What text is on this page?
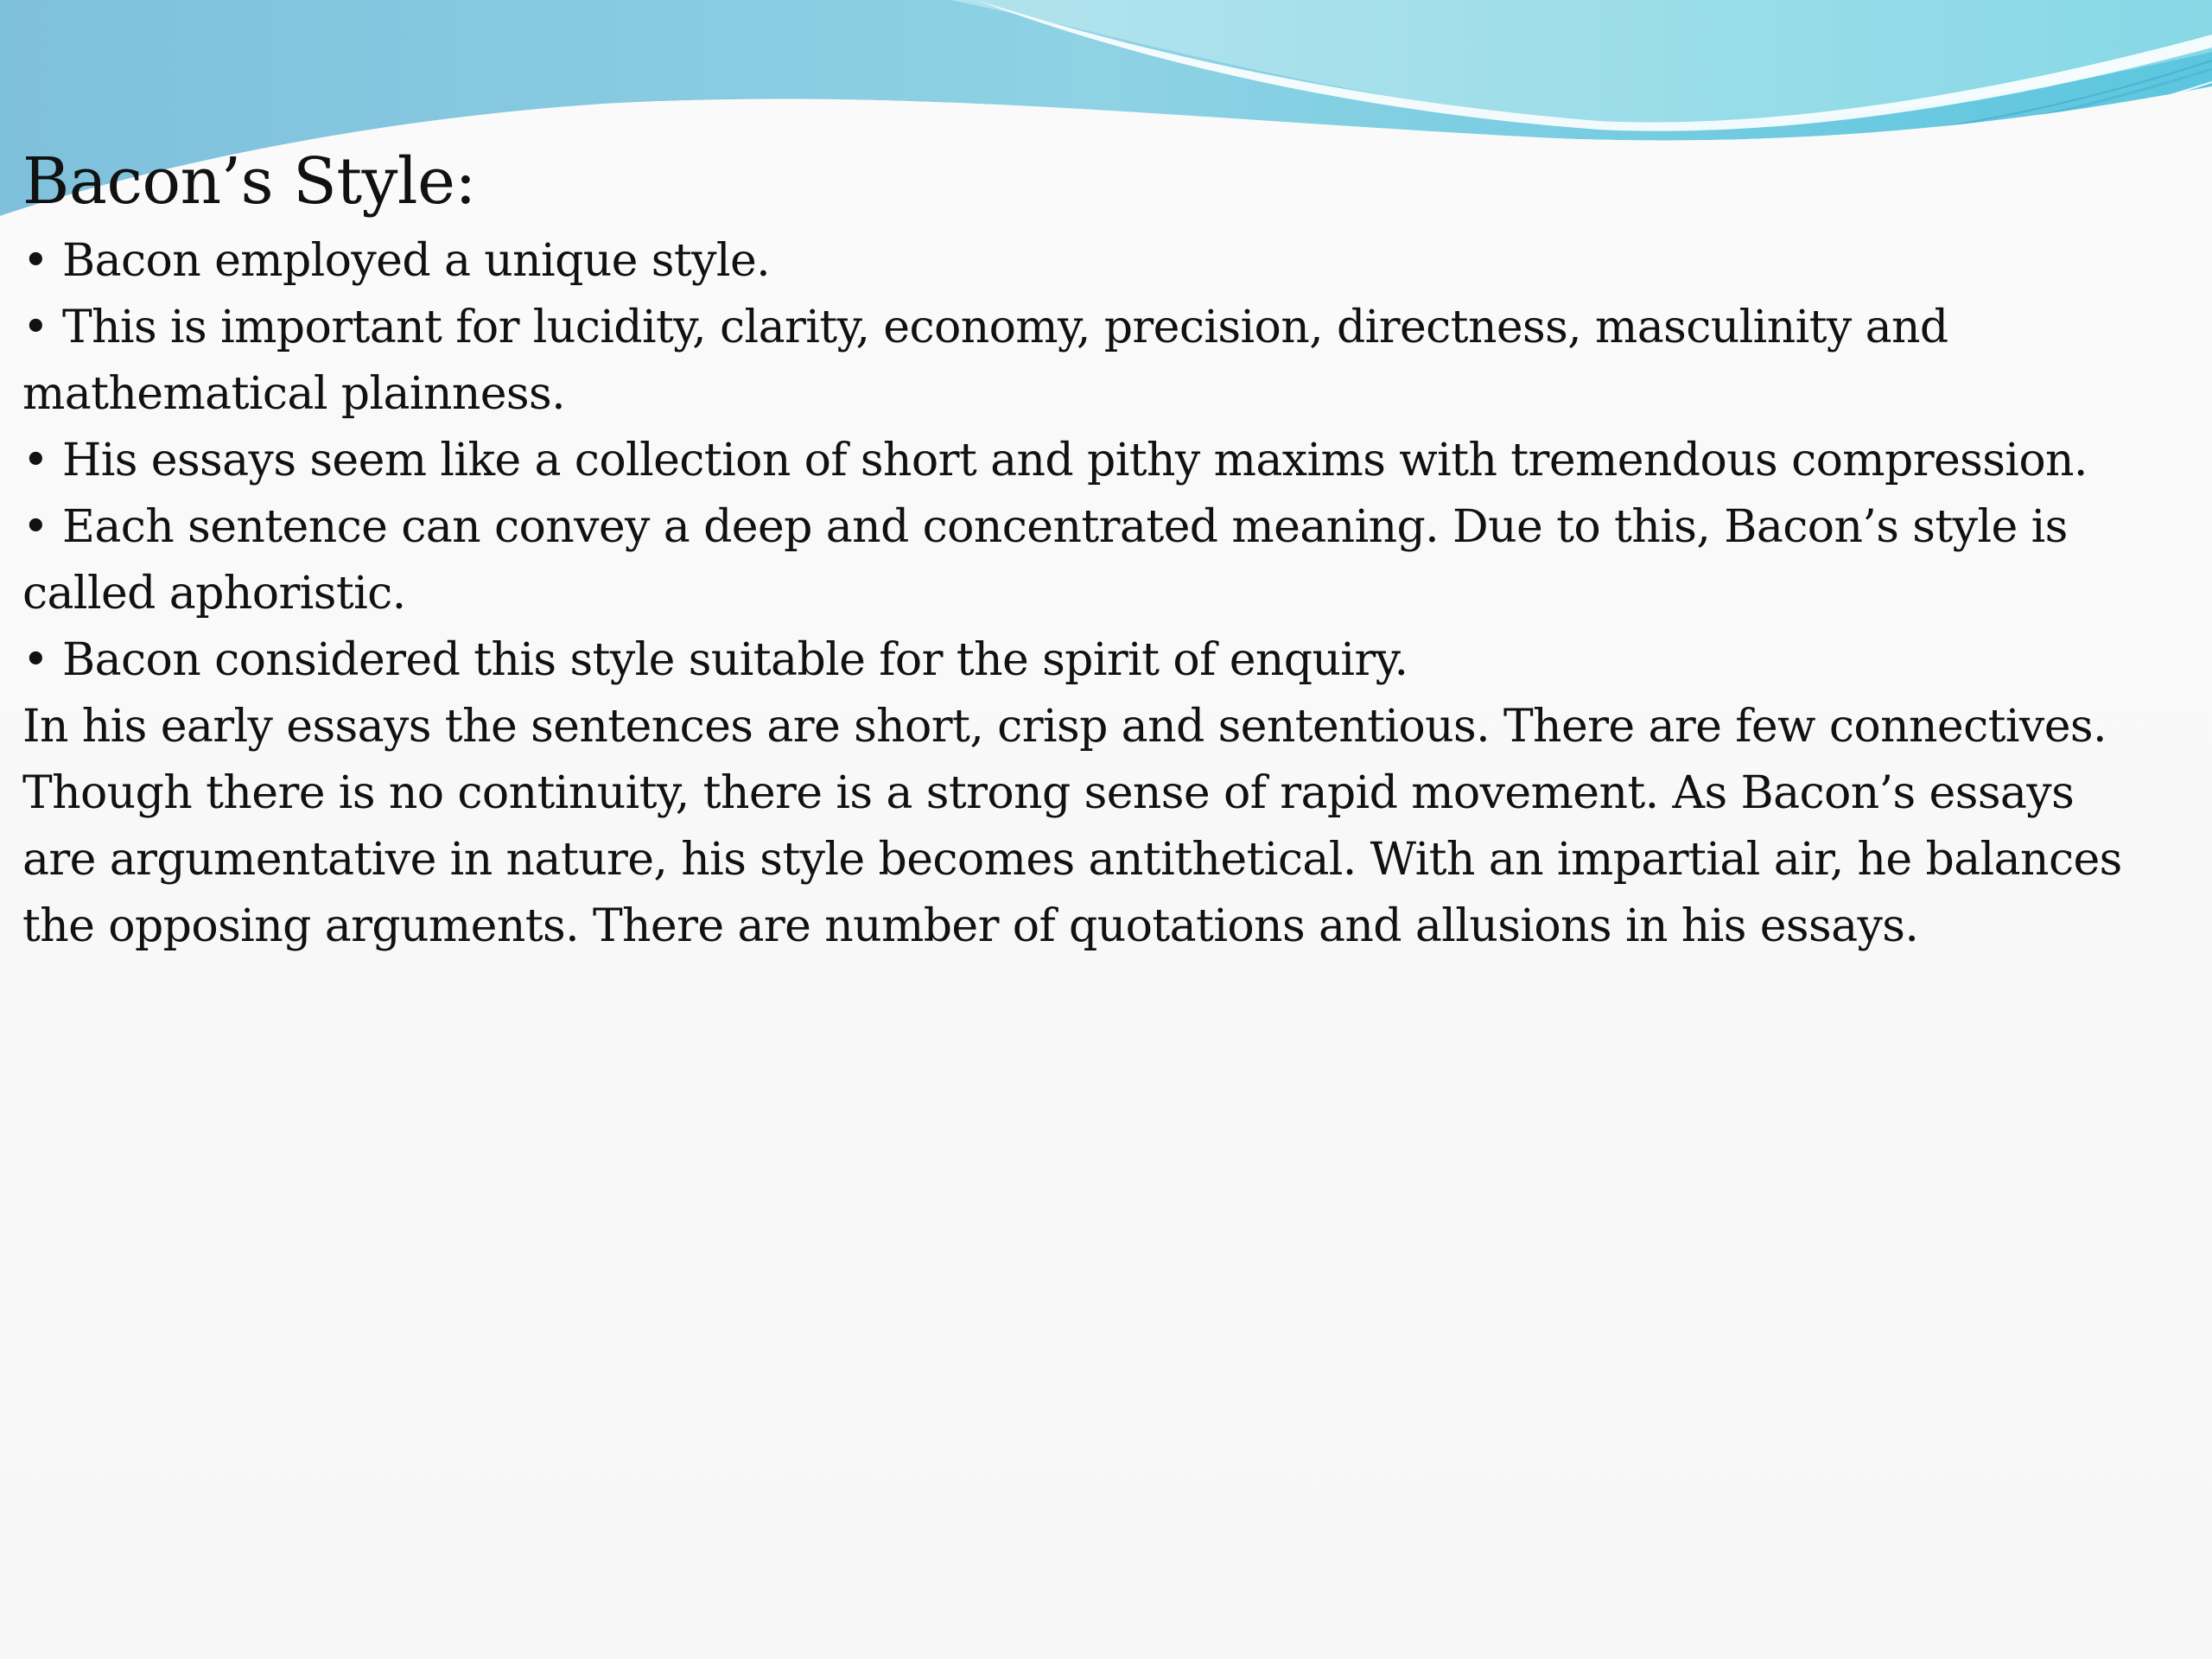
Bacon’s Style:

• Bacon employed a unique style.

• This is important for lucidity, clarity, economy, precision, directness, masculinity and mathematical plainness.

• His essays seem like a collection of short and pithy maxims with tremendous compression.

• Each sentence can convey a deep and concentrated meaning. Due to this, Bacon’s style is called aphoristic.

• Bacon considered this style suitable for the spirit of enquiry.

In his early essays the sentences are short, crisp and sententious. There are few connectives. Though there is no continuity, there is a strong sense of rapid movement. As Bacon’s essays are argumentative in nature, his style becomes antithetical. With an impartial air, he balances the opposing arguments. There are number of quotations and allusions in his essays.
